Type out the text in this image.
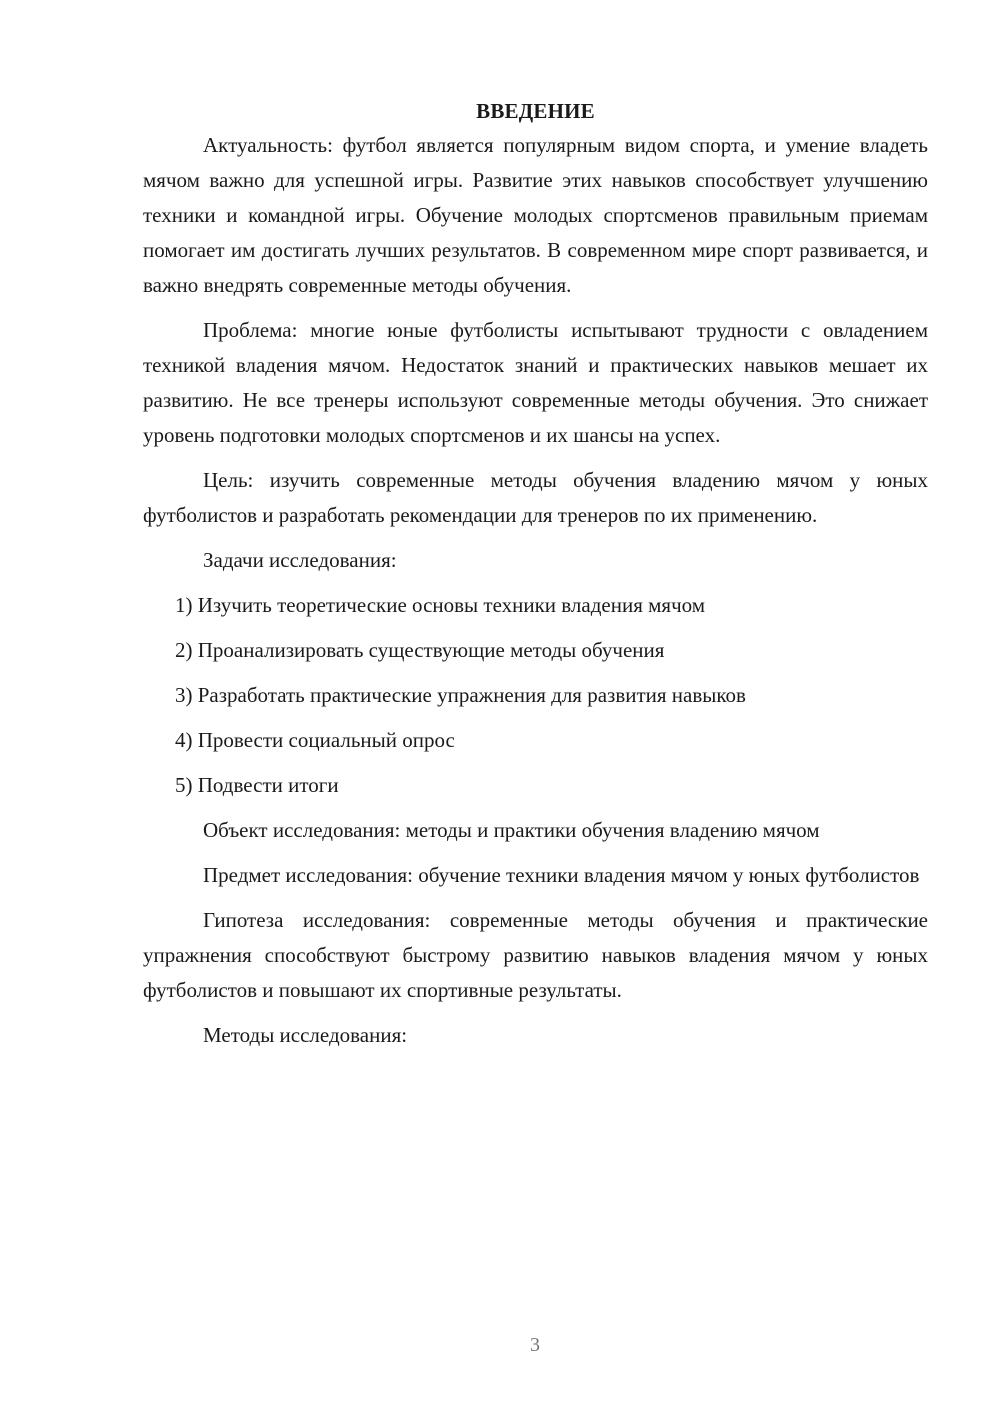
ВВЕДЕНИЕ

Актуальность: футбол является популярным видом спорта, и умение владеть мячом важно для успешной игры. Развитие этих навыков способствует улучшению техники и командной игры. Обучение молодых спортсменов правильным приемам помогает им достигать лучших результатов. В современном мире спорт развивается, и важно внедрять современные методы обучения.

Проблема: многие юные футболисты испытывают трудности с овладением техникой владения мячом. Недостаток знаний и практических навыков мешает их развитию. Не все тренеры используют современные методы обучения. Это снижает уровень подготовки молодых спортсменов и их шансы на успех.

Цель: изучить современные методы обучения владению мячом у юных футболистов и разработать рекомендации для тренеров по их применению.

Задачи исследования:

1) Изучить теоретические основы техники владения мячом
2) Проанализировать существующие методы обучения
3) Разработать практические упражнения для развития навыков
4) Провести социальный опрос
5) Подвести итоги

Объект исследования: методы и практики обучения владению мячом

Предмет исследования: обучение техники владения мячом у юных футболистов

Гипотеза исследования: современные методы обучения и практические упражнения способствуют быстрому развитию навыков владения мячом у юных футболистов и повышают их спортивные результаты.

Методы исследования:

3
